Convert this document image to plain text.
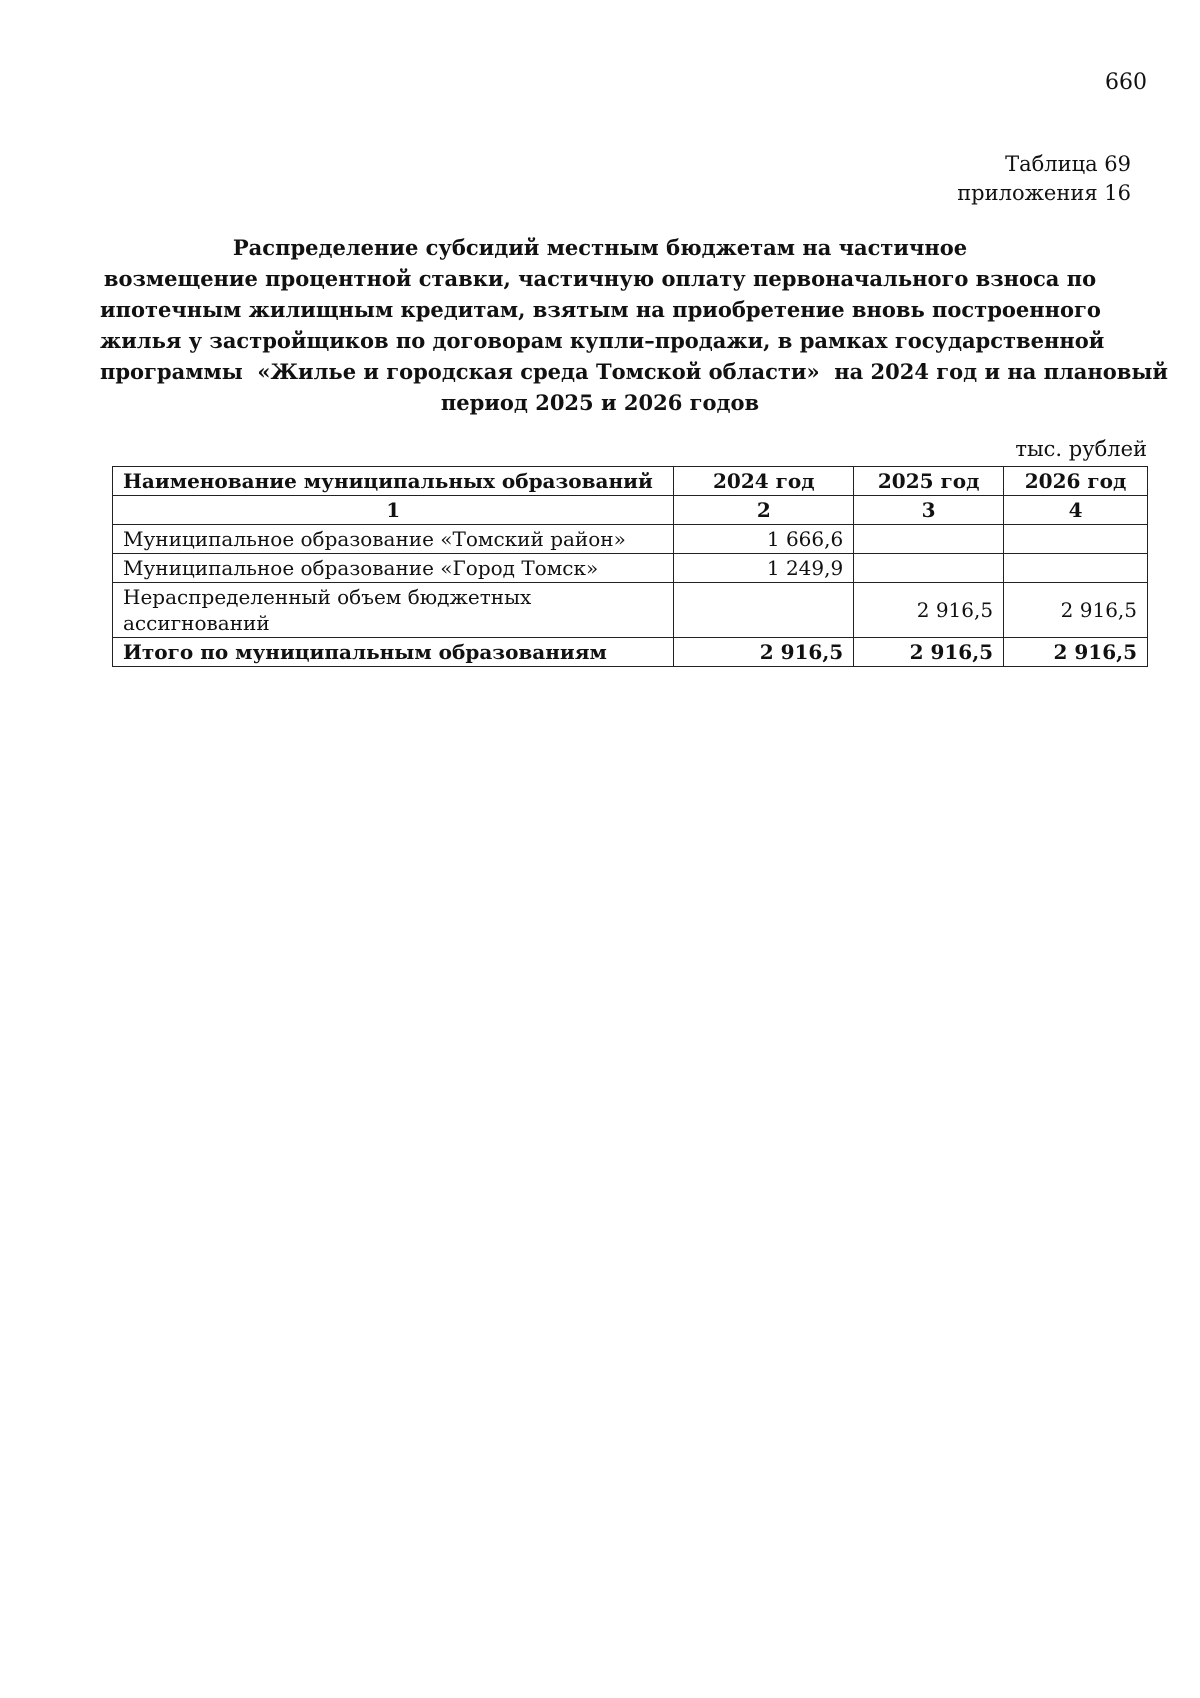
660
Таблица 69
приложения 16
Распределение субсидий местным бюджетам на частичное
возмещение процентной ставки, частичную оплату первоначального взноса по
ипотечным жилищным кредитам, взятым на приобретение вновь построенного
жилья у застройщиков по договорам купли–продажи, в рамках государственной
программы  «Жилье и городская среда Томской области»  на 2024 год и на плановый
период 2025 и 2026 годов
тыс. рублей
Наименование муниципальных образований	2024 год	2025 год	2026 год
1	2	3	4
Муниципальное образование «Томский район»	1 666,6		
Муниципальное образование «Город Томск»	1 249,9		

Нераспределенный объем бюджетных
ассигнований		2 916,5	2 916,5
Итого по муниципальным образованиям	2 916,5	2 916,5	2 916,5
